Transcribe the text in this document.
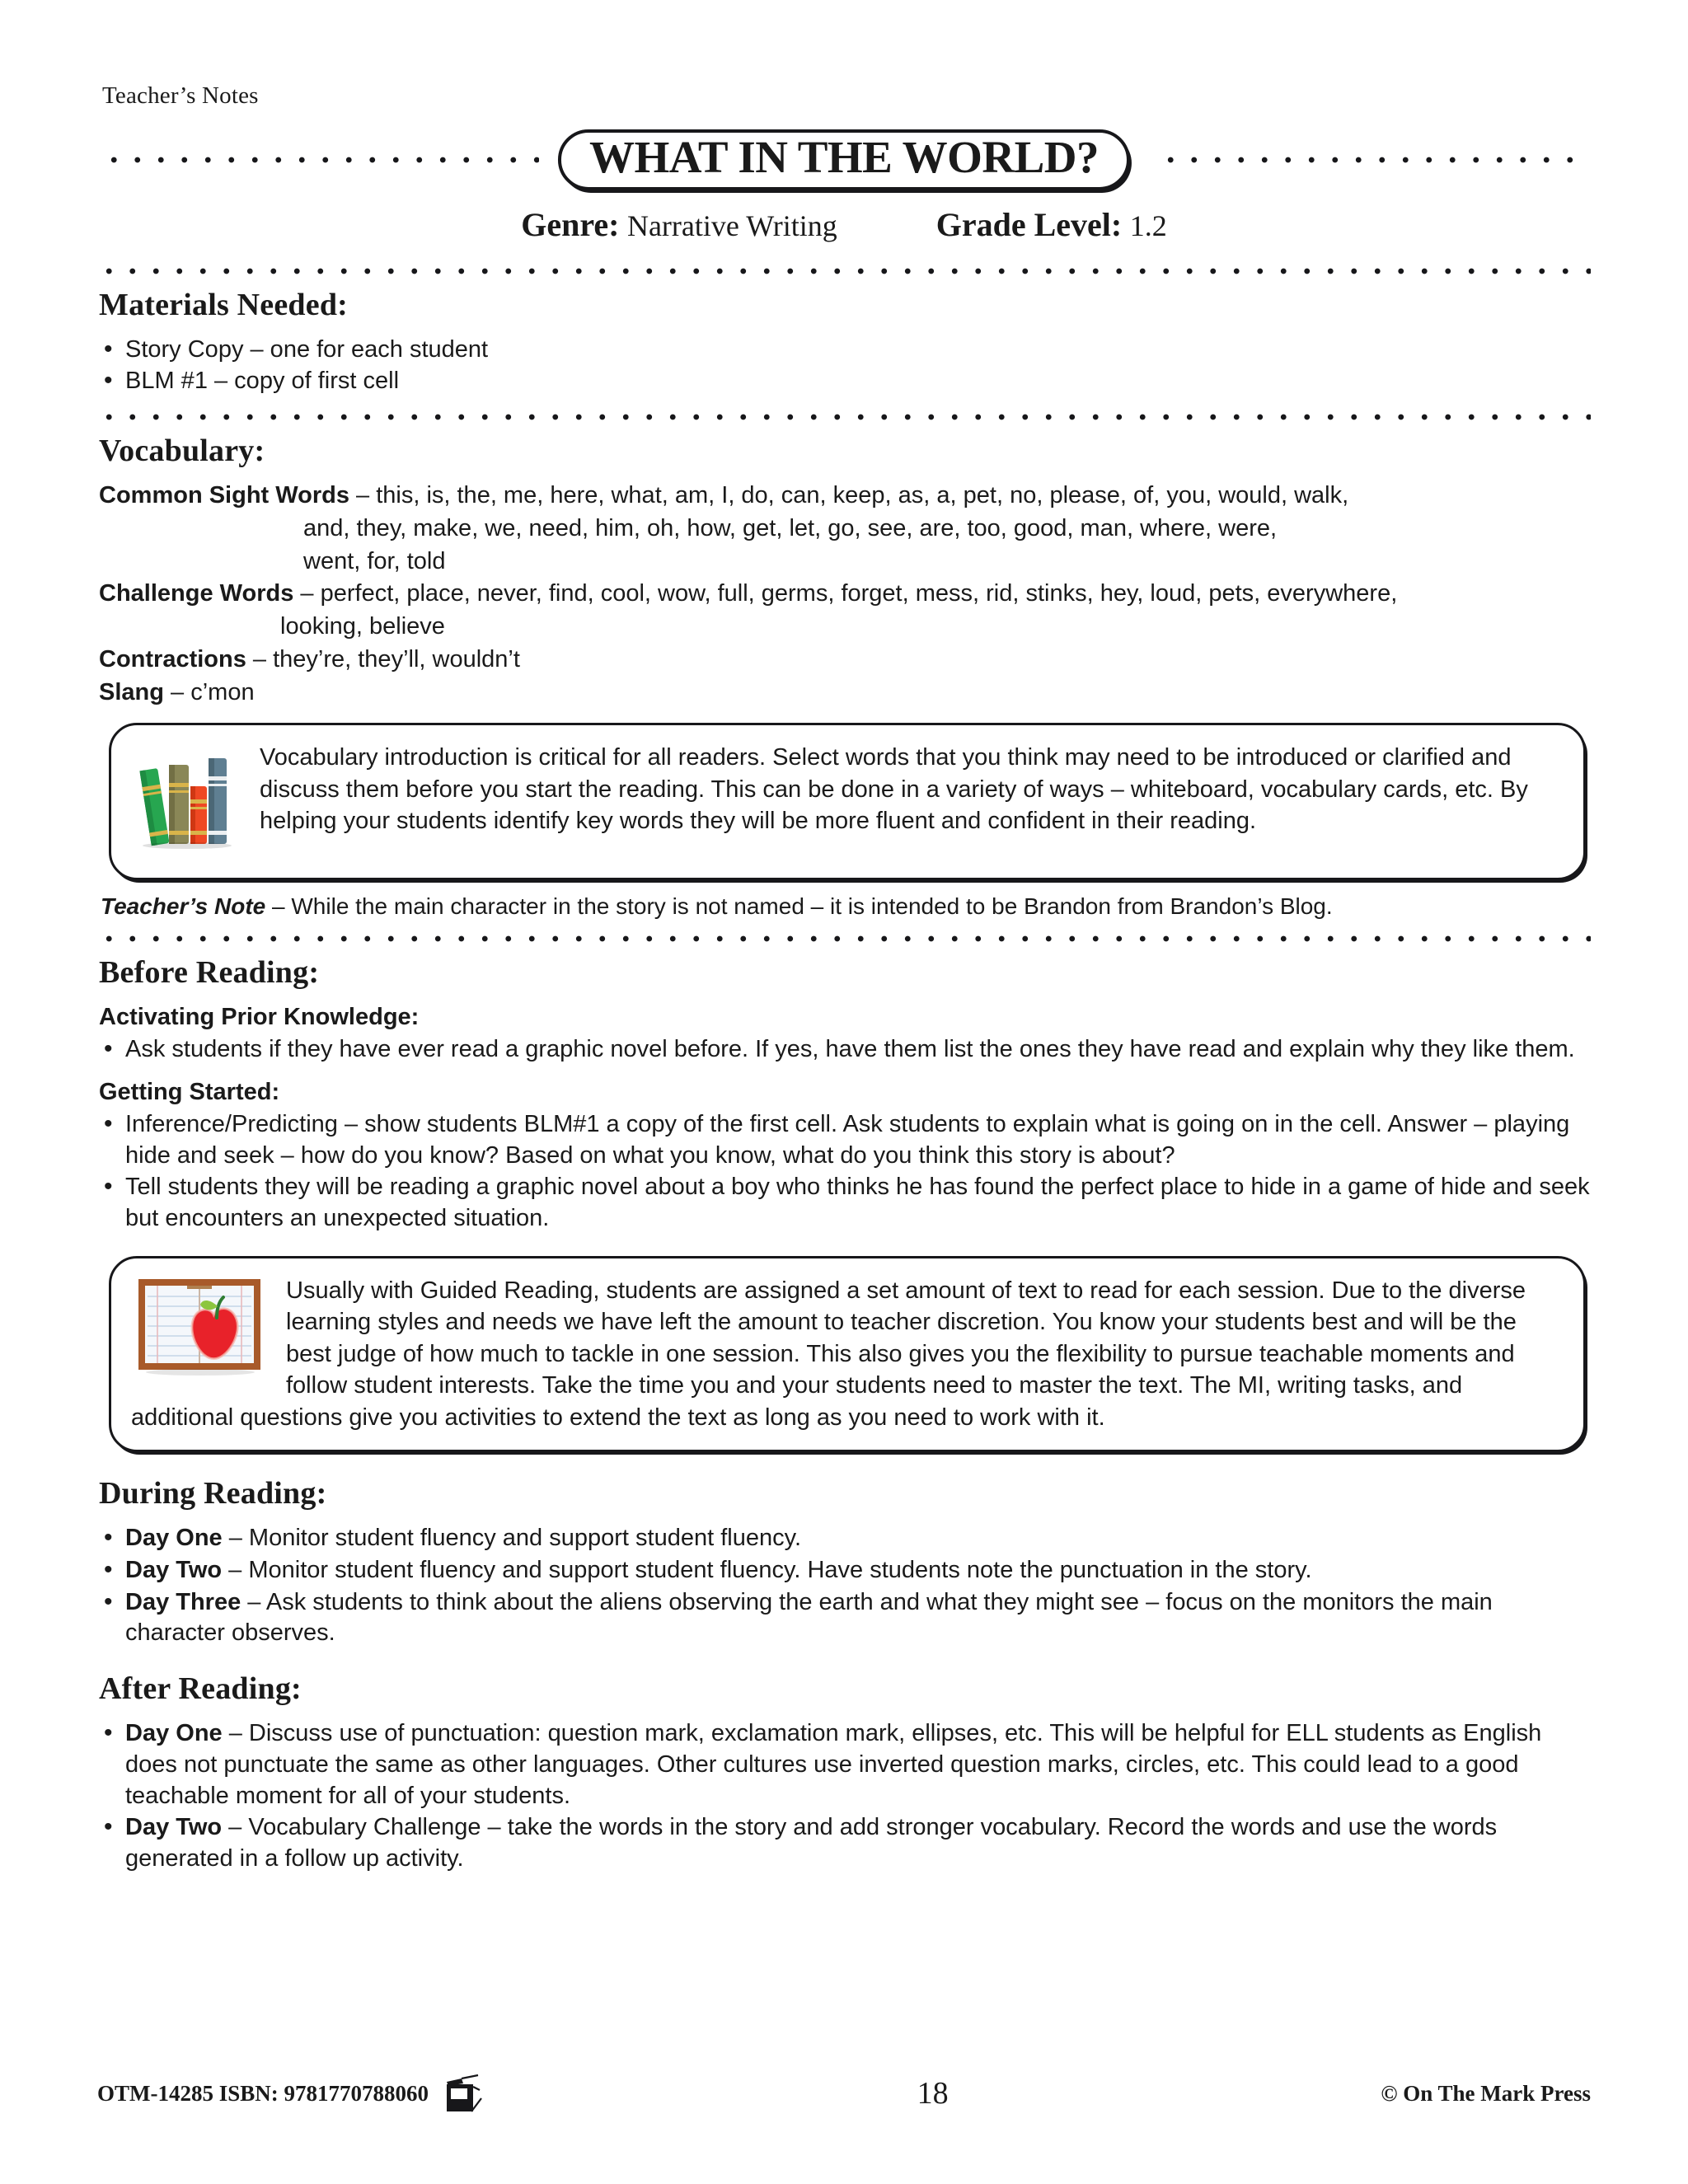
Teacher’s Notes
WHAT IN THE WORLD?
Genre: Narrative Writing	Grade Level: 1.2
Materials Needed:
• Story Copy – one for each student
• BLM #1 – copy of first cell
Vocabulary:
Common Sight Words – this, is, the, me, here, what, am, I, do, can, keep, as, a, pet, no, please, of, you, would, walk,
and, they, make, we, need, him, oh, how, get, let, go, see, are, too, good, man, where, were,
went, for, told
Challenge Words – perfect, place, never, find, cool, wow, full, germs, forget, mess, rid, stinks, hey, loud, pets, everywhere,
looking, believe
Contractions – they’re, they’ll, wouldn’t
Slang – c’mon

Vocabulary introduction is critical for all readers. Select words that you think may need to be introduced or clarified and discuss them before you start the reading. This can be done in a variety of ways – whiteboard, vocabulary cards, etc. By helping your students identify key words they will be more fluent and confident in their reading.

Teacher’s Note – While the main character in the story is not named – it is intended to be Brandon from Brandon’s Blog.
Before Reading:
Activating Prior Knowledge:
• Ask students if they have ever read a graphic novel before. If yes, have them list the ones they have read and explain why they like them.
Getting Started:
• Inference/Predicting – show students BLM#1 a copy of the first cell. Ask students to explain what is going on in the cell. Answer – playing hide and seek – how do you know? Based on what you know, what do you think this story is about?
• Tell students they will be reading a graphic novel about a boy who thinks he has found the perfect place to hide in a game of hide and seek but encounters an unexpected situation.

Usually with Guided Reading, students are assigned a set amount of text to read for each session. Due to the diverse learning styles and needs we have left the amount to teacher discretion. You know your students best and will be the best judge of how much to tackle in one session. This also gives you the flexibility to pursue teachable moments and follow student interests. Take the time you and your students need to master the text. The MI, writing tasks, and additional questions give you activities to extend the text as long as you need to work with it.

During Reading:
• Day One – Monitor student fluency and support student fluency.
• Day Two – Monitor student fluency and support student fluency. Have students note the punctuation in the story.
• Day Three – Ask students to think about the aliens observing the earth and what they might see – focus on the monitors the main character observes.
After Reading:
• Day One – Discuss use of punctuation: question mark, exclamation mark, ellipses, etc. This will be helpful for ELL students as English does not punctuate the same as other languages. Other cultures use inverted question marks, circles, etc. This could lead to a good teachable moment for all of your students.
• Day Two – Vocabulary Challenge – take the words in the story and add stronger vocabulary. Record the words and use the words generated in a follow up activity.
OTM-14285 ISBN: 9781770788060	18	© On The Mark Press
